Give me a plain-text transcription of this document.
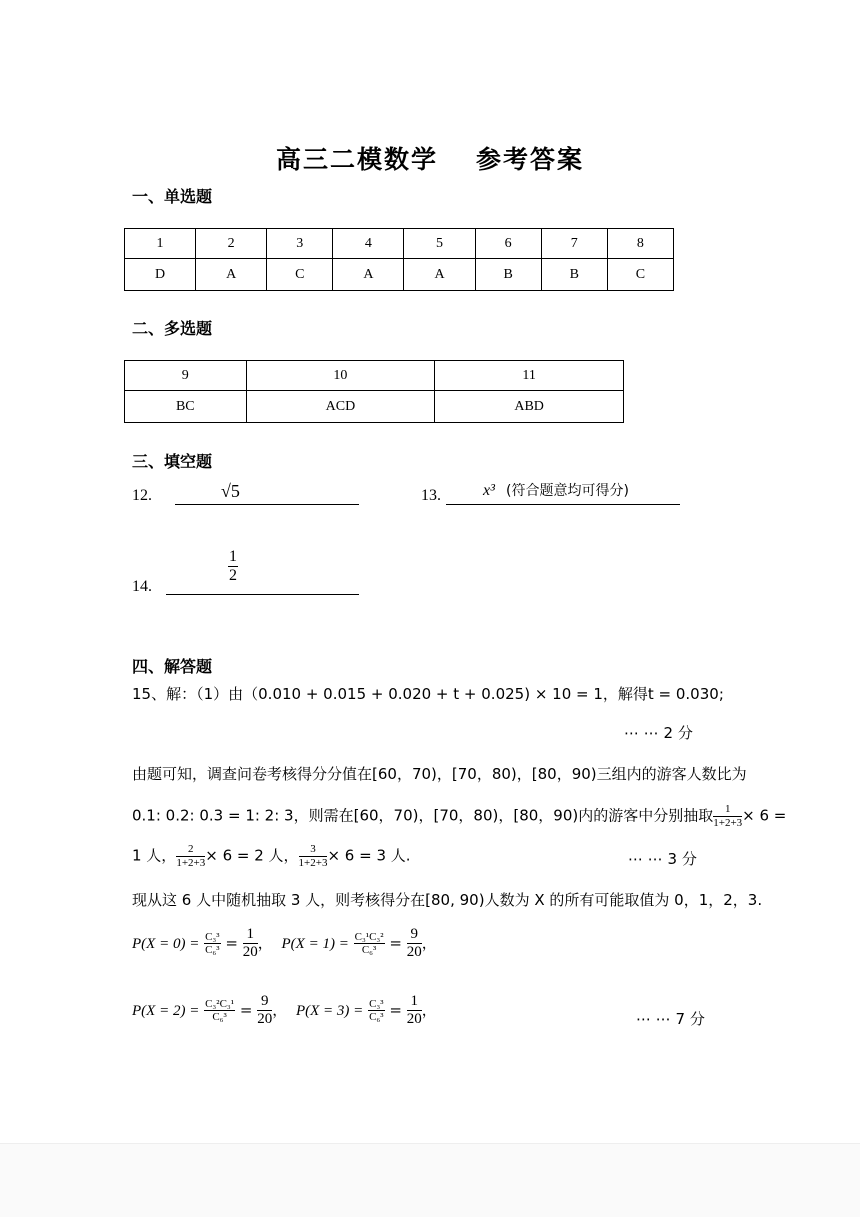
高三二模数学 参考答案
一、单选题
1	2	3	4	5	6	7	8
D	A	C	A	A	B	B	C
二、多选题
9	10	11
BC	ACD	ABD
三、填空题
12.	√5	13.	x³ (符合题意均可得分)
14.
$\frac{1}{2}$
四、解答题
15、解：（1）由（0.010 + 0.015 + 0.020 + t + 0.025) × 10 = 1，解得t = 0.030;
⋯ ⋯ 2 分
由题可知，调查问卷考核得分分值在[60，70)，[70，80)，[80，90)三组内的游客人数比为
0.1: 0.2: 0.3 = 1: 2: 3，则需在[60，70)，[70，80)，[80，90)内的游客中分别抽取 $\frac{1}{1+2+3} \times 6$ =
1 人， $\frac{2}{1+2+3} \times 6 = 2$ 人， $\frac{3}{1+2+3} \times 6 = 3$ 人.	⋯ ⋯ 3 分
现从这 6 人中随机抽取 3 人，则考核得分在[80, 90)人数为 X 的所有可能取值为 0，1，2，3.
$P(X = 0) = \frac{\text{C₃³}}{\text{C₆³}} = \frac{1}{20}$ ， $P(X = 1) = \frac{\text{C₃¹C₃²}}{\text{C₆³}} = \frac{9}{20}$ ，
$P(X = 2) = \frac{\text{C₃²C₃¹}}{\text{C₆³}} = \frac{9}{20}$ ， $P(X = 3) = \frac{\text{C₃³}}{\text{C₆³}} = \frac{1}{20}$ ，
⋯ ⋯ 7 分
